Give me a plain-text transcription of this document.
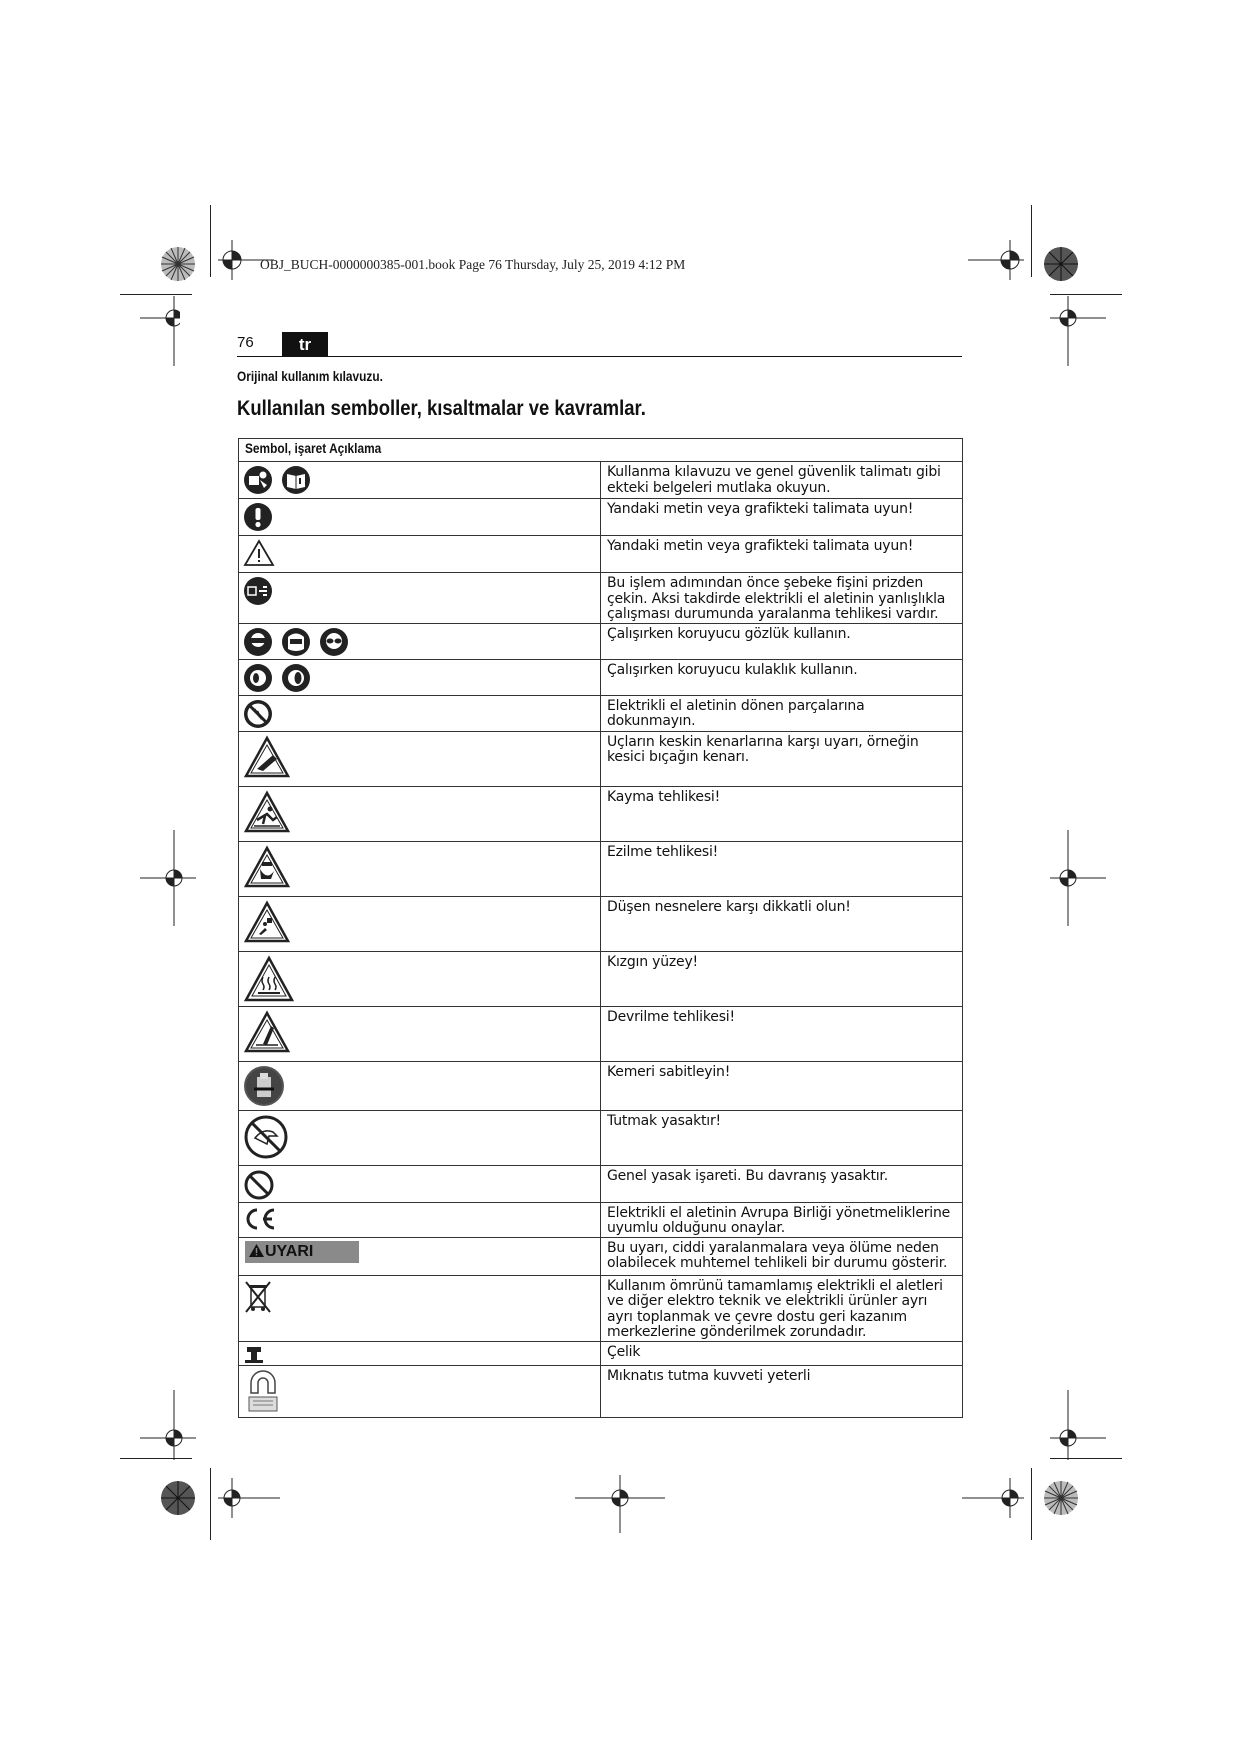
OBJ_BUCH-0000000385-001.book Page 76 Thursday, July 25, 2019 4:12 PM
76	tr
Orijinal kullanım kılavuzu.
Kullanılan semboller, kısaltmalar ve kavramlar.
Sembol, işaret Açıklama	
	Kullanma kılavuzu ve genel güvenlik talimatı gibi ekteki belgeleri mutlaka okuyun.
	Yandaki metin veya grafikteki talimata uyun!
	Yandaki metin veya grafikteki talimata uyun!
	Bu işlem adımından önce şebeke fişini prizden çekin. Aksi takdirde elektrikli el aletinin yanlışlıkla çalışması durumunda yaralanma tehlikesi vardır.
	Çalışırken koruyucu gözlük kullanın.
	Çalışırken koruyucu kulaklık kullanın.
	Elektrikli el aletinin dönen parçalarına dokunmayın.
	Uçların keskin kenarlarına karşı uyarı, örneğin kesici bıçağın kenarı.
	Kayma tehlikesi!
	Ezilme tehlikesi!
	Düşen nesnelere karşı dikkatli olun!
	Kızgın yüzey!
	Devrilme tehlikesi!
	Kemeri sabitleyin!
	Tutmak yasaktır!
	Genel yasak işareti. Bu davranış yasaktır.
	Elektrikli el aletinin Avrupa Birliği yönetmeliklerine uyumlu olduğunu onaylar.
UYARI	Bu uyarı, ciddi yaralanmalara veya ölüme neden olabilecek muhtemel tehlikeli bir durumu gösterir.
	Kullanım ömrünü tamamlamış elektrikli el aletleri ve diğer elektro teknik ve elektrikli ürünler ayrı ayrı toplanmak ve çevre dostu geri kazanım merkezlerine gönderilmek zorundadır.
	Çelik
	Mıknatıs tutma kuvveti yeterli
